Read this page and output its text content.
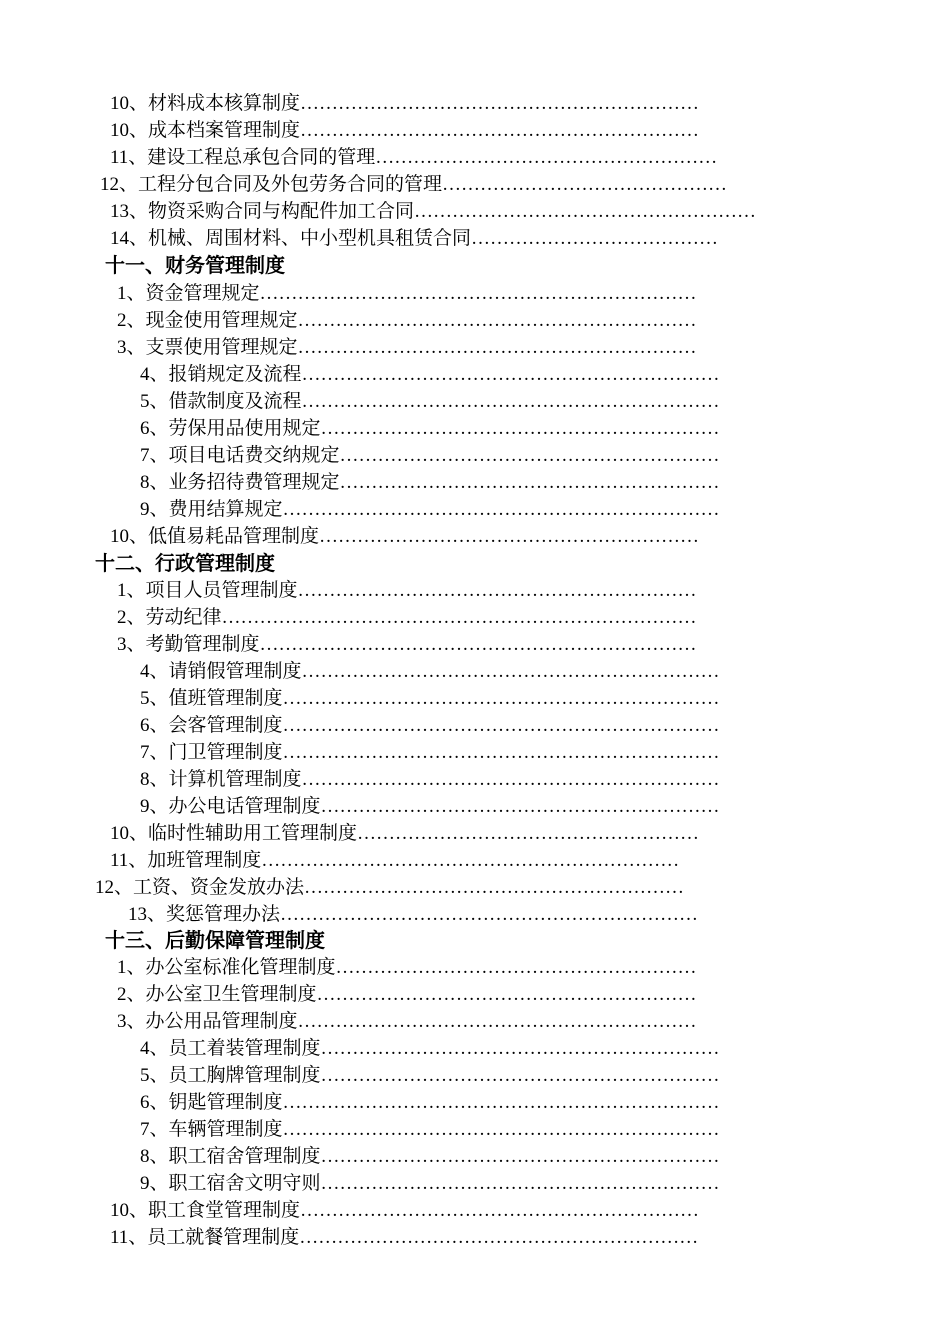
10、材料成本核算制度………………………………………………………
10、成本档案管理制度………………………………………………………
11、建设工程总承包合同的管理………………………………………………
12、工程分包合同及外包劳务合同的管理………………………………………
13、物资采购合同与构配件加工合同………………………………………………
14、机械、周围材料、中小型机具租赁合同…………………………………
十一、财务管理制度
1、资金管理规定……………………………………………………………
2、现金使用管理规定………………………………………………………
3、支票使用管理规定………………………………………………………
4、报销规定及流程…………………………………………………………
5、借款制度及流程…………………………………………………………
6、劳保用品使用规定………………………………………………………
7、项目电话费交纳规定……………………………………………………
8、业务招待费管理规定……………………………………………………
9、费用结算规定……………………………………………………………
10、低值易耗品管理制度……………………………………………………
十二、行政管理制度
1、项目人员管理制度………………………………………………………
2、劳动纪律…………………………………………………………………
3、考勤管理制度……………………………………………………………
4、请销假管理制度…………………………………………………………
5、值班管理制度……………………………………………………………
6、会客管理制度……………………………………………………………
7、门卫管理制度……………………………………………………………
8、计算机管理制度…………………………………………………………
9、办公电话管理制度………………………………………………………
10、临时性辅助用工管理制度………………………………………………
11、加班管理制度…………………………………………………………
12、工资、资金发放办法……………………………………………………
13、奖惩管理办法…………………………………………………………
十三、后勤保障管理制度
1、办公室标准化管理制度…………………………………………………
2、办公室卫生管理制度……………………………………………………
3、办公用品管理制度………………………………………………………
4、员工着装管理制度………………………………………………………
5、员工胸牌管理制度………………………………………………………
6、钥匙管理制度……………………………………………………………
7、车辆管理制度……………………………………………………………
8、职工宿舍管理制度………………………………………………………
9、职工宿舍文明守则………………………………………………………
10、职工食堂管理制度………………………………………………………
11、员工就餐管理制度………………………………………………………
